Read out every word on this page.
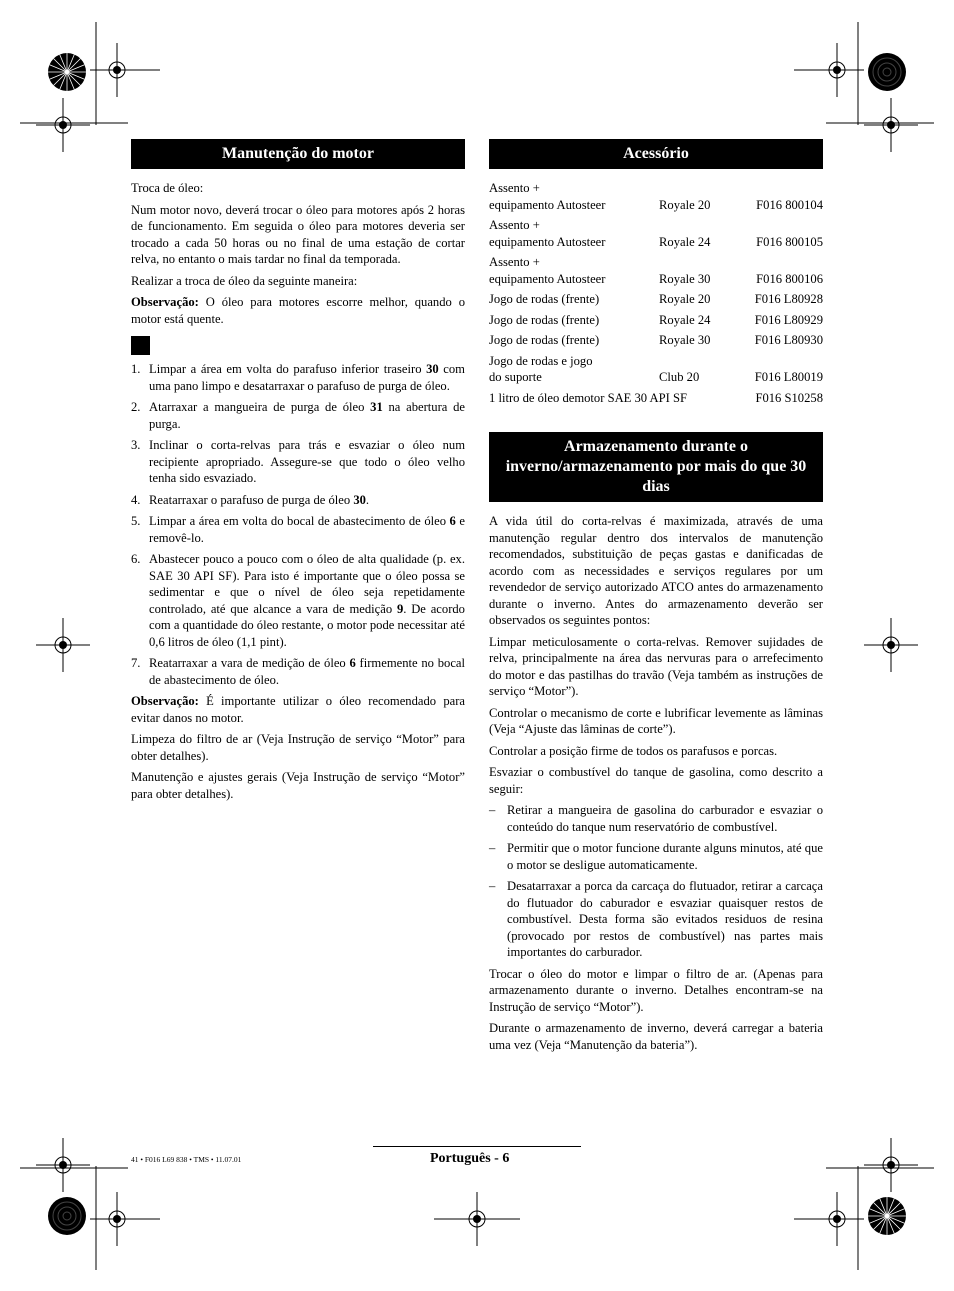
Manutenção do motor

Troca de óleo:

Num motor novo, deverá trocar o óleo para motores após 2 horas de funcionamento. Em seguida o óleo para motores deveria ser trocado a cada 50 horas ou no final de uma estação de cortar relva, no entanto o mais tardar no final da temporada.

Realizar a troca de óleo da seguinte maneira:

Observação: O óleo para motores escorre melhor, quando o motor está quente.

1. Limpar a área em volta do parafuso inferior traseiro 30 com uma pano limpo e desatarraxar o parafuso de purga de óleo.
2. Atarraxar a mangueira de purga de óleo 31 na abertura de purga.
3. Inclinar o corta-relvas para trás e esvaziar o óleo num recipiente apropriado. Assegure-se que todo o óleo velho tenha sido esvaziado.
4. Reatarraxar o parafuso de purga de óleo 30.
5. Limpar a área em volta do bocal de abastecimento de óleo 6 e removê-lo.
6. Abastecer pouco a pouco com o óleo de alta qualidade (p. ex. SAE 30 API SF). Para isto é importante que o óleo possa se sedimentar e que o nível de óleo seja repetidamente controlado, até que alcance a vara de medição 9. De acordo com a quantidade do óleo restante, o motor pode necessitar até 0,6 litros de óleo (1,1 pint).
7. Reatarraxar a vara de medição de óleo 6 firmemente no bocal de abastecimento de óleo.

Observação: É importante utilizar o óleo recomendado para evitar danos no motor.

Limpeza do filtro de ar (Veja Instrução de serviço “Motor” para obter detalhes).

Manutenção e ajustes gerais (Veja Instrução de serviço “Motor” para obter detalhes).

Acessório
Assento +
equipamento Autosteer	Royale 20	F016 800104
Assento +
equipamento Autosteer	Royale 24	F016 800105
Assento +
equipamento Autosteer	Royale 30	F016 800106
Jogo de rodas (frente)	Royale 20	F016 L80928
Jogo de rodas (frente)	Royale 24	F016 L80929
Jogo de rodas (frente)	Royale 30	F016 L80930
Jogo de rodas e jogo
do suporte	Club 20	F016 L80019
1 litro de óleo demotor SAE 30 API SF		F016 S10258
Armazenamento durante o inverno/armazenamento por mais do que 30 dias

A vida útil do corta-relvas é maximizada, através de uma manutenção regular dentro dos intervalos de manutenção recomendados, substituição de peças gastas e danificadas de acordo com as necessidades e serviços regulares por um revendedor de serviço autorizado ATCO antes do armazenamento durante o inverno. Antes do armazenamento deverão ser observados os seguintes pontos:

Limpar meticulosamente o corta-relvas. Remover sujidades de relva, principalmente na área das nervuras para o arrefecimento do motor e das pastilhas do travão (Veja também as instruções de serviço “Motor”).

Controlar o mecanismo de corte e lubrificar levemente as lâminas (Veja “Ajuste das lâminas de corte”).

Controlar a posição firme de todos os parafusos e porcas.

Esvaziar o combustível do tanque de gasolina, como descrito a seguir:

– Retirar a mangueira de gasolina do carburador e esvaziar o conteúdo do tanque num reservatório de combustível.
– Permitir que o motor funcione durante alguns minutos, até que o motor se desligue automaticamente.
– Desatarraxar a porca da carcaça do flutuador, retirar a carcaça do flutuador do caburador e esvaziar quaisquer restos de combustível. Desta forma são evitados residuos de resina (provocado por restos de combustível) nas partes mais importantes do carburador.

Trocar o óleo do motor e limpar o filtro de ar. (Apenas para armazenamento durante o inverno. Detalhes encontram-se na Instrução de serviço “Motor”).

Durante o armazenamento de inverno, deverá carregar a bateria uma vez (Veja “Manutenção da bateria”).

41 • F016 L69 838 • TMS • 11.07.01	Português - 6
